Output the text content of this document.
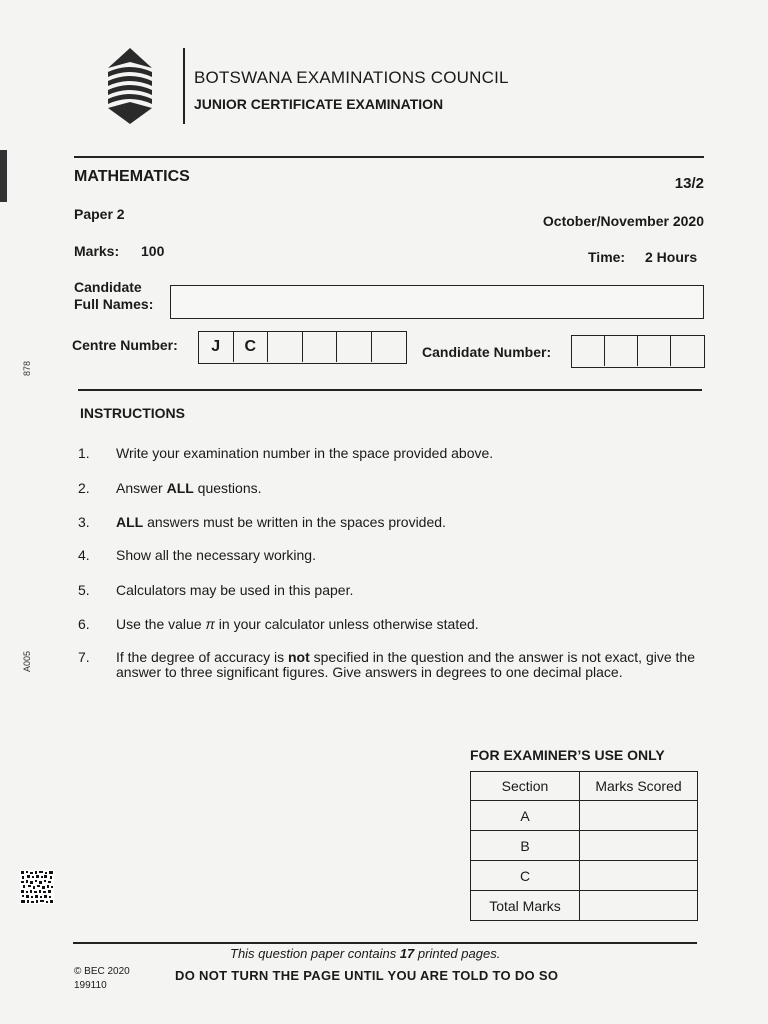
878
A005
BOTSWANA EXAMINATIONS COUNCIL
JUNIOR CERTIFICATE EXAMINATION
MATHEMATICS	13/2
Paper 2	October/November 2020
Marks: 100	Time: 2 Hours
Candidate
Full Names:
Centre Number:	J	C	Candidate Number:
INSTRUCTIONS
1.	Write your examination number in the space provided above.
2.	Answer ALL questions.
3.	ALL answers must be written in the spaces provided.
4.	Show all the necessary working.
5.	Calculators may be used in this paper.
6.	Use the value π in your calculator unless otherwise stated.
7.	If the degree of accuracy is not specified in the question and the answer is not exact, give the answer to three significant figures. Give answers in degrees to one decimal place.
FOR EXAMINER’S USE ONLY
Section	Marks Scored
A	
B	
C	
Total Marks	
This question paper contains 17 printed pages.
© BEC 2020
199110
DO NOT TURN THE PAGE UNTIL YOU ARE TOLD TO DO SO
